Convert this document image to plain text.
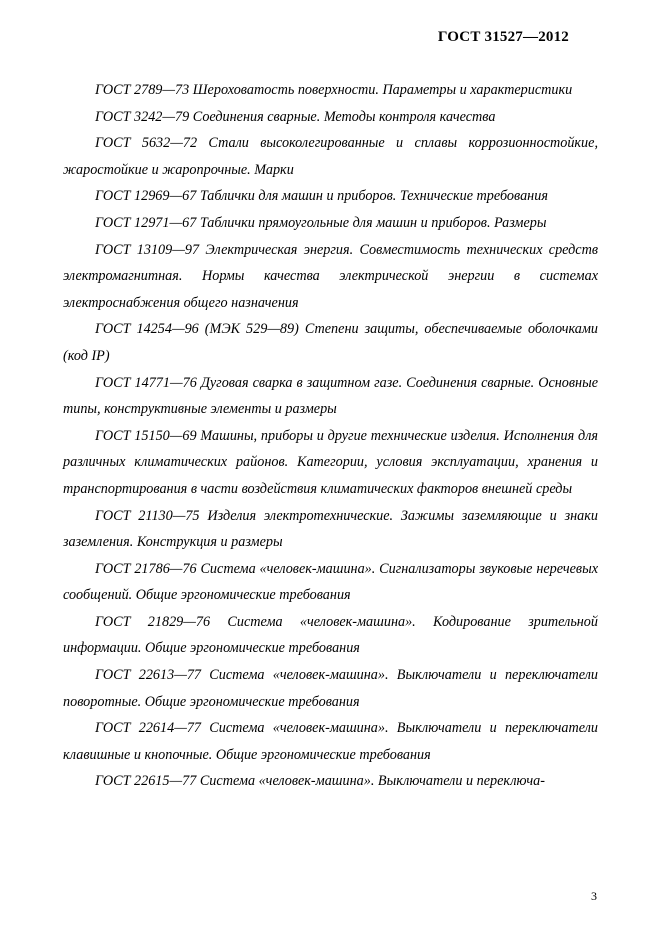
ГОСТ 31527—2012

ГОСТ 2789—73 Шероховатость поверхности. Параметры и характеристики

ГОСТ 3242—79 Соединения сварные. Методы контроля качества

ГОСТ 5632—72 Стали высоколегированные и сплавы коррозионностойкие, жаростойкие и жаропрочные. Марки

ГОСТ 12969—67 Таблички для машин и приборов. Технические требования

ГОСТ 12971—67 Таблички прямоугольные для машин и приборов. Размеры

ГОСТ 13109—97 Электрическая энергия. Совместимость технических средств электромагнитная. Нормы качества электрической энергии в системах электроснабжения общего назначения

ГОСТ 14254—96 (МЭК 529—89) Степени защиты, обеспечиваемые оболочками (код IP)

ГОСТ 14771—76 Дуговая сварка в защитном газе. Соединения сварные. Основные типы, конструктивные элементы и размеры

ГОСТ 15150—69 Машины, приборы и другие технические изделия. Исполнения для различных климатических районов. Категории, условия эксплуатации, хранения и транспортирования в части воздействия климатических факторов внешней среды

ГОСТ 21130—75 Изделия электротехнические. Зажимы заземляющие и знаки заземления. Конструкция и размеры

ГОСТ 21786—76 Система «человек-машина». Сигнализаторы звуковые неречевых сообщений. Общие эргономические требования

ГОСТ 21829—76 Система «человек-машина». Кодирование зрительной информации. Общие эргономические требования

ГОСТ 22613—77 Система «человек-машина». Выключатели и переключатели поворотные. Общие эргономические требования

ГОСТ 22614—77 Система «человек-машина». Выключатели и переключатели клавишные и кнопочные. Общие эргономические требования

ГОСТ 22615—77 Система «человек-машина». Выключатели и переключа-

3
